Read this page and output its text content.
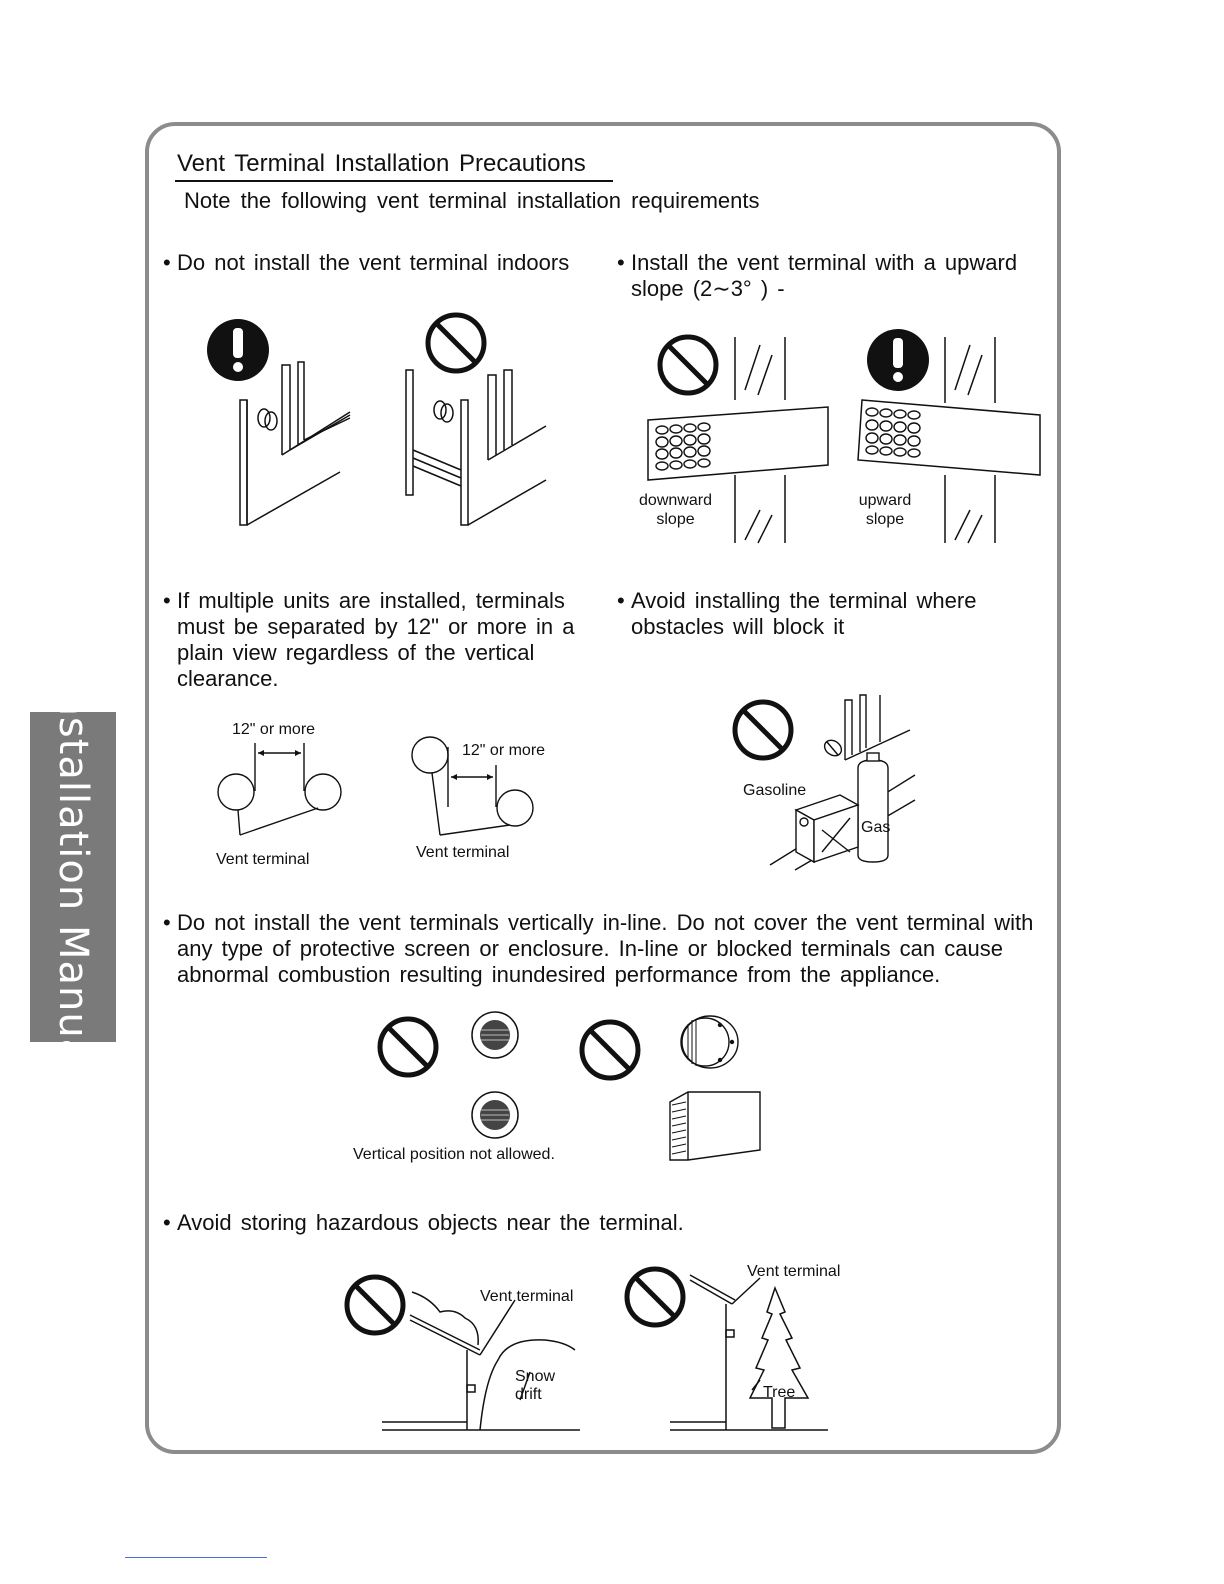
Installation Manual
Vent Terminal Installation Precautions
Note the following vent terminal installation requirements
• Do not install the vent terminal indoors	• Install the vent terminal with a upward slope (2∼3° ) -
downward slope
upward slope
• If multiple units are installed, terminals must be separated by 12" or more in a plain view regardless of the vertical clearance.
12" or more
12" or more
Vent terminal	Vent terminal
• Avoid installing the terminal where obstacles will block it
Gasoline
Gas
• Do not install the vent terminals vertically in-line. Do not cover the vent terminal with any type of protective screen or enclosure. In-line or blocked terminals can cause abnormal combustion resulting inundesired performance from the appliance.
Vertical position not allowed.
• Avoid storing hazardous objects near the terminal.
Vent terminal
Vent terminal
Snow drift	Tree
